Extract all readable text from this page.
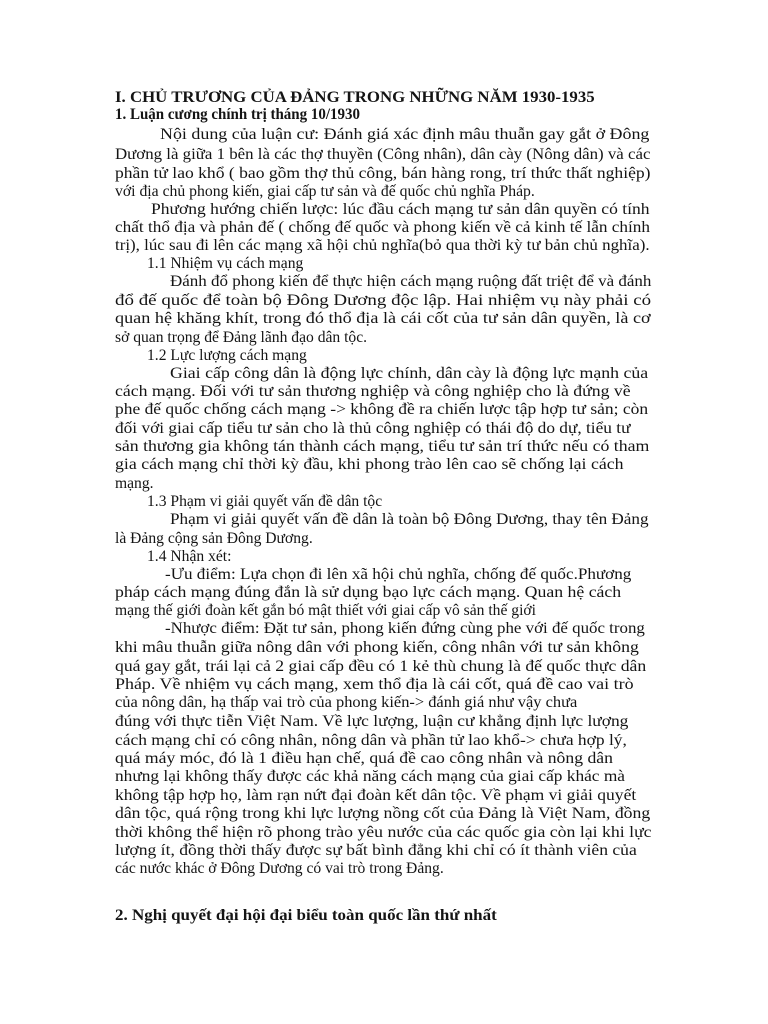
I. CHỦ TRƯƠNG CỦA ĐẢNG TRONG NHỮNG NĂM 1930-1935
1. Luận cương chính trị tháng 10/1930
Nội dung của luận cư: Đánh giá xác định mâu thuẫn gay gắt ở Đông
Dương là giữa 1 bên là các thợ thuyền (Công nhân), dân cày (Nông dân) và các
phần tử lao khổ ( bao gồm thợ thủ công, bán hàng rong, trí thức thất nghiệp)
với địa chủ phong kiến, giai cấp tư sản và đế quốc chủ nghĩa Pháp.
Phương hướng chiến lược: lúc đầu cách mạng tư sản dân quyền có tính
chất thổ địa và phản đế ( chống đế quốc và phong kiến về cả kinh tế lẫn chính
trị), lúc sau đi lên các mạng xã hội chủ nghĩa(bỏ qua thời kỳ tư bản chủ nghĩa).
1.1 Nhiệm vụ cách mạng
Đánh đổ phong kiến để thực hiện cách mạng ruộng đất triệt để và đánh
đổ đế quốc để toàn bộ Đông Dương độc lập. Hai nhiệm vụ này phải có
quan hệ khăng khít, trong đó thổ địa là cái cốt của tư sản dân quyền, là cơ
sở quan trọng để Đảng lãnh đạo dân tộc.
1.2 Lực lượng cách mạng
Giai cấp công dân là động lực chính, dân cày là động lực mạnh của
cách mạng. Đối với tư sản thương nghiệp và công nghiệp cho là đứng về
phe đế quốc chống cách mạng -> không đề ra chiến lược tập hợp tư sản; còn
đối với giai cấp tiểu tư sản cho là thủ công nghiệp có thái độ do dự, tiểu tư
sản thương gia không tán thành cách mạng, tiểu tư sản trí thức nếu có tham
gia cách mạng chỉ thời kỳ đầu, khi phong trào lên cao sẽ chống lại cách
mạng.
1.3 Phạm vi giải quyết vấn đề dân tộc
Phạm vi giải quyết vấn đề dân là toàn bộ Đông Dương, thay tên Đảng
là Đảng cộng sản Đông Dương.
1.4 Nhận xét:
-Ưu điểm: Lựa chọn đi lên xã hội chủ nghĩa, chống đế quốc.Phương
pháp cách mạng đúng đắn là sử dụng bạo lực cách mạng. Quan hệ cách
mạng thế giới đoàn kết gắn bó mật thiết với giai cấp vô sản thế giới
-Nhược điểm: Đặt tư sản, phong kiến đứng cùng phe với đế quốc trong
khi mâu thuẫn giữa nông dân với phong kiến, công nhân với tư sản không
quá gay gắt, trái lại cả 2 giai cấp đều có 1 kẻ thù chung là đế quốc thực dân
Pháp. Về nhiệm vụ cách mạng, xem thổ địa là cái cốt, quá đề cao vai trò
của nông dân, hạ thấp vai trò của phong kiến-> đánh giá như vậy chưa
đúng với thực tiễn Việt Nam. Về lực lượng, luận cư khẳng định lực lượng
cách mạng chỉ có công nhân, nông dân và phần tử lao khổ-> chưa hợp lý,
quá máy móc, đó là 1 điều hạn chế, quá đề cao công nhân và nông dân
nhưng lại không thấy được các khả năng cách mạng của giai cấp khác mà
không tập hợp họ, làm rạn nứt đại đoàn kết dân tộc. Về phạm vi giải quyết
dân tộc, quá rộng trong khi lực lượng nồng cốt của Đảng là Việt Nam, đồng
thời không thể hiện rõ phong trào yêu nước của các quốc gia còn lại khi lực
lượng ít, đồng thời thấy được sự bất bình đẳng khi chỉ có ít thành viên của
các nước khác ở Đông Dương có vai trò trong Đảng.
2. Nghị quyết đại hội đại biểu toàn quốc lần thứ nhất
